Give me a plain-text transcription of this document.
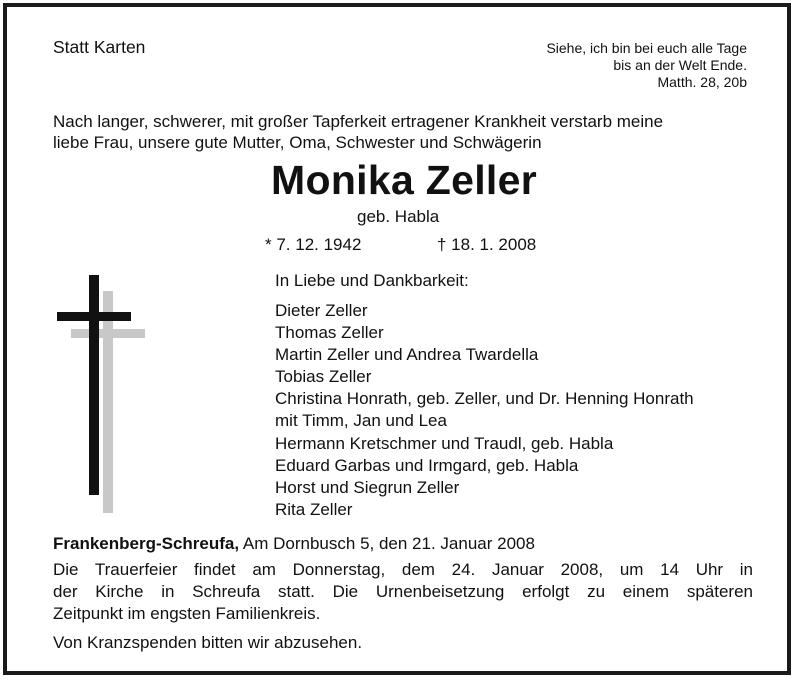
Statt Karten	Siehe, ich bin bei euch alle Tage
bis an der Welt Ende.
Matth. 28, 20b
Nach langer, schwerer, mit großer Tapferkeit ertragener Krankheit verstarb meine
liebe Frau, unsere gute Mutter, Oma, Schwester und Schwägerin
Monika Zeller
geb. Habla
* 7. 12. 1942	† 18. 1. 2008
In Liebe und Dankbarkeit:
Dieter Zeller
Thomas Zeller
Martin Zeller und Andrea Twardella
Tobias Zeller
Christina Honrath, geb. Zeller, und Dr. Henning Honrath
mit Timm, Jan und Lea
Hermann Kretschmer und Traudl, geb. Habla
Eduard Garbas und Irmgard, geb. Habla
Horst und Siegrun Zeller
Rita Zeller
Frankenberg-Schreufa, Am Dornbusch 5, den 21. Januar 2008
Die Trauerfeier findet am Donnerstag, dem 24. Januar 2008, um 14 Uhr in
der Kirche in Schreufa statt. Die Urnenbeisetzung erfolgt zu einem späteren
Zeitpunkt im engsten Familienkreis.
Von Kranzspenden bitten wir abzusehen.
